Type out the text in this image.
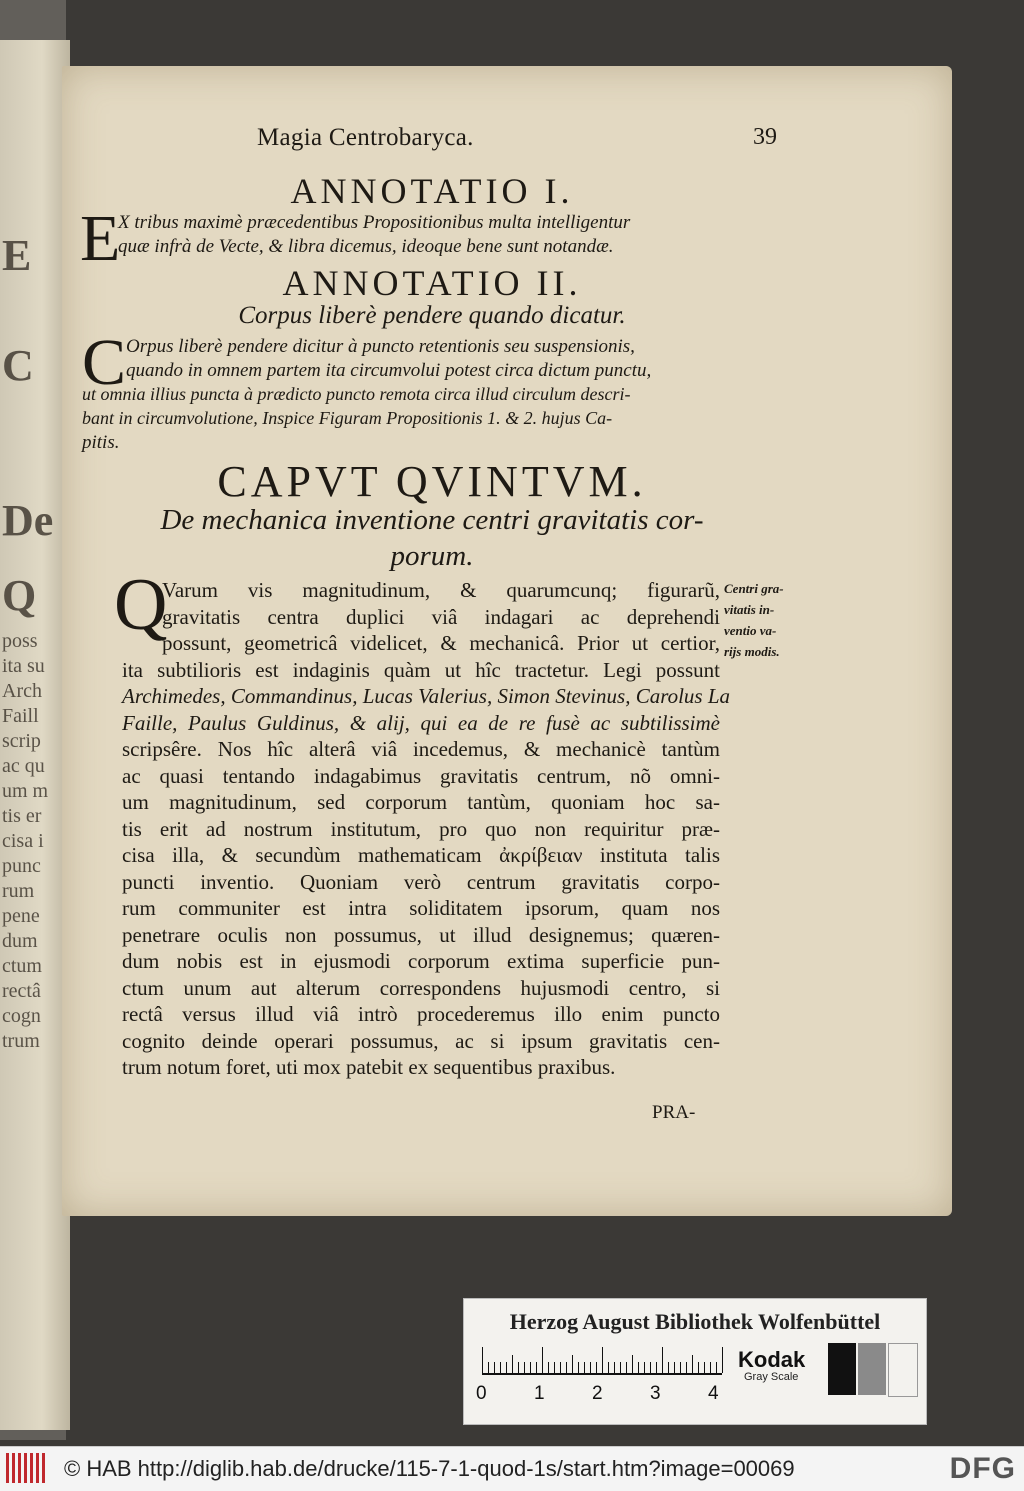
E
C
De
Q
poss
ita su
Arch
Faill
scrip
ac qu
um m
tis er
cisa i
punc
rum
pene
dum
ctum
rectâ
cogn
trum
Magia Centrobaryca.	39
ANNOTATIO I.
E
X tribus maximè præcedentibus Propositionibus multa intelligentur
quæ infrà de Vecte, & libra dicemus, ideoque bene sunt notandæ.
ANNOTATIO II.
Corpus liberè pendere quando dicatur.
C Orpus liberè pendere dicitur à puncto retentionis seu suspensionis,
quando in omnem partem ita circumvolui potest circa dictum punctu,
ut omnia illius puncta à prædicto puncto remota circa illud circulum descri-
bant in circumvolutione, Inspice Figuram Propositionis 1. & 2. hujus Ca-
pitis.
CAPVT QVINTVM.
De mechanica inventione centri gravitatis cor-
porum.
Q
Varum vis magnitudinum, & quarumcunq; figurarũ,
gravitatis centra duplici viâ indagari ac deprehendi
possunt, geometricâ videlicet, & mechanicâ. Prior ut certior,
ita subtilioris est indaginis quàm ut hîc tractetur. Legi possunt
Archimedes, Commandinus, Lucas Valerius, Simon Stevinus, Carolus La
Faille, Paulus Guldinus, & alij, qui ea de re fusè ac subtilissimè
scripsêre. Nos hîc alterâ viâ incedemus, & mechanicè tantùm
ac quasi tentando indagabimus gravitatis centrum, nõ omni-
um magnitudinum, sed corporum tantùm, quoniam hoc sa-
tis erit ad nostrum institutum, pro quo non requiritur præ-
cisa illa, & secundùm mathematicam ἀκρίβειαν instituta talis
puncti inventio. Quoniam verò centrum gravitatis corpo-
rum communiter est intra soliditatem ipsorum, quam nos
penetrare oculis non possumus, ut illud designemus; quæren-
dum nobis est in ejusmodi corporum extima superficie pun-
ctum unum aut alterum correspondens hujusmodi centro, si
rectâ versus illud viâ intrò procederemus illo enim puncto
cognito deinde operari possumus, ac si ipsum gravitatis cen-
trum notum foret, uti mox patebit ex sequentibus praxibus.
Centri gra-
vitatis in-
ventio va-
rijs modis.
PRA-
Herzog August Bibliothek Wolfenbüttel
0 1 2 3 4
Kodak
Gray Scale
© HAB http://diglib.hab.de/drucke/115-7-1-quod-1s/start.htm?image=00069	DFG
